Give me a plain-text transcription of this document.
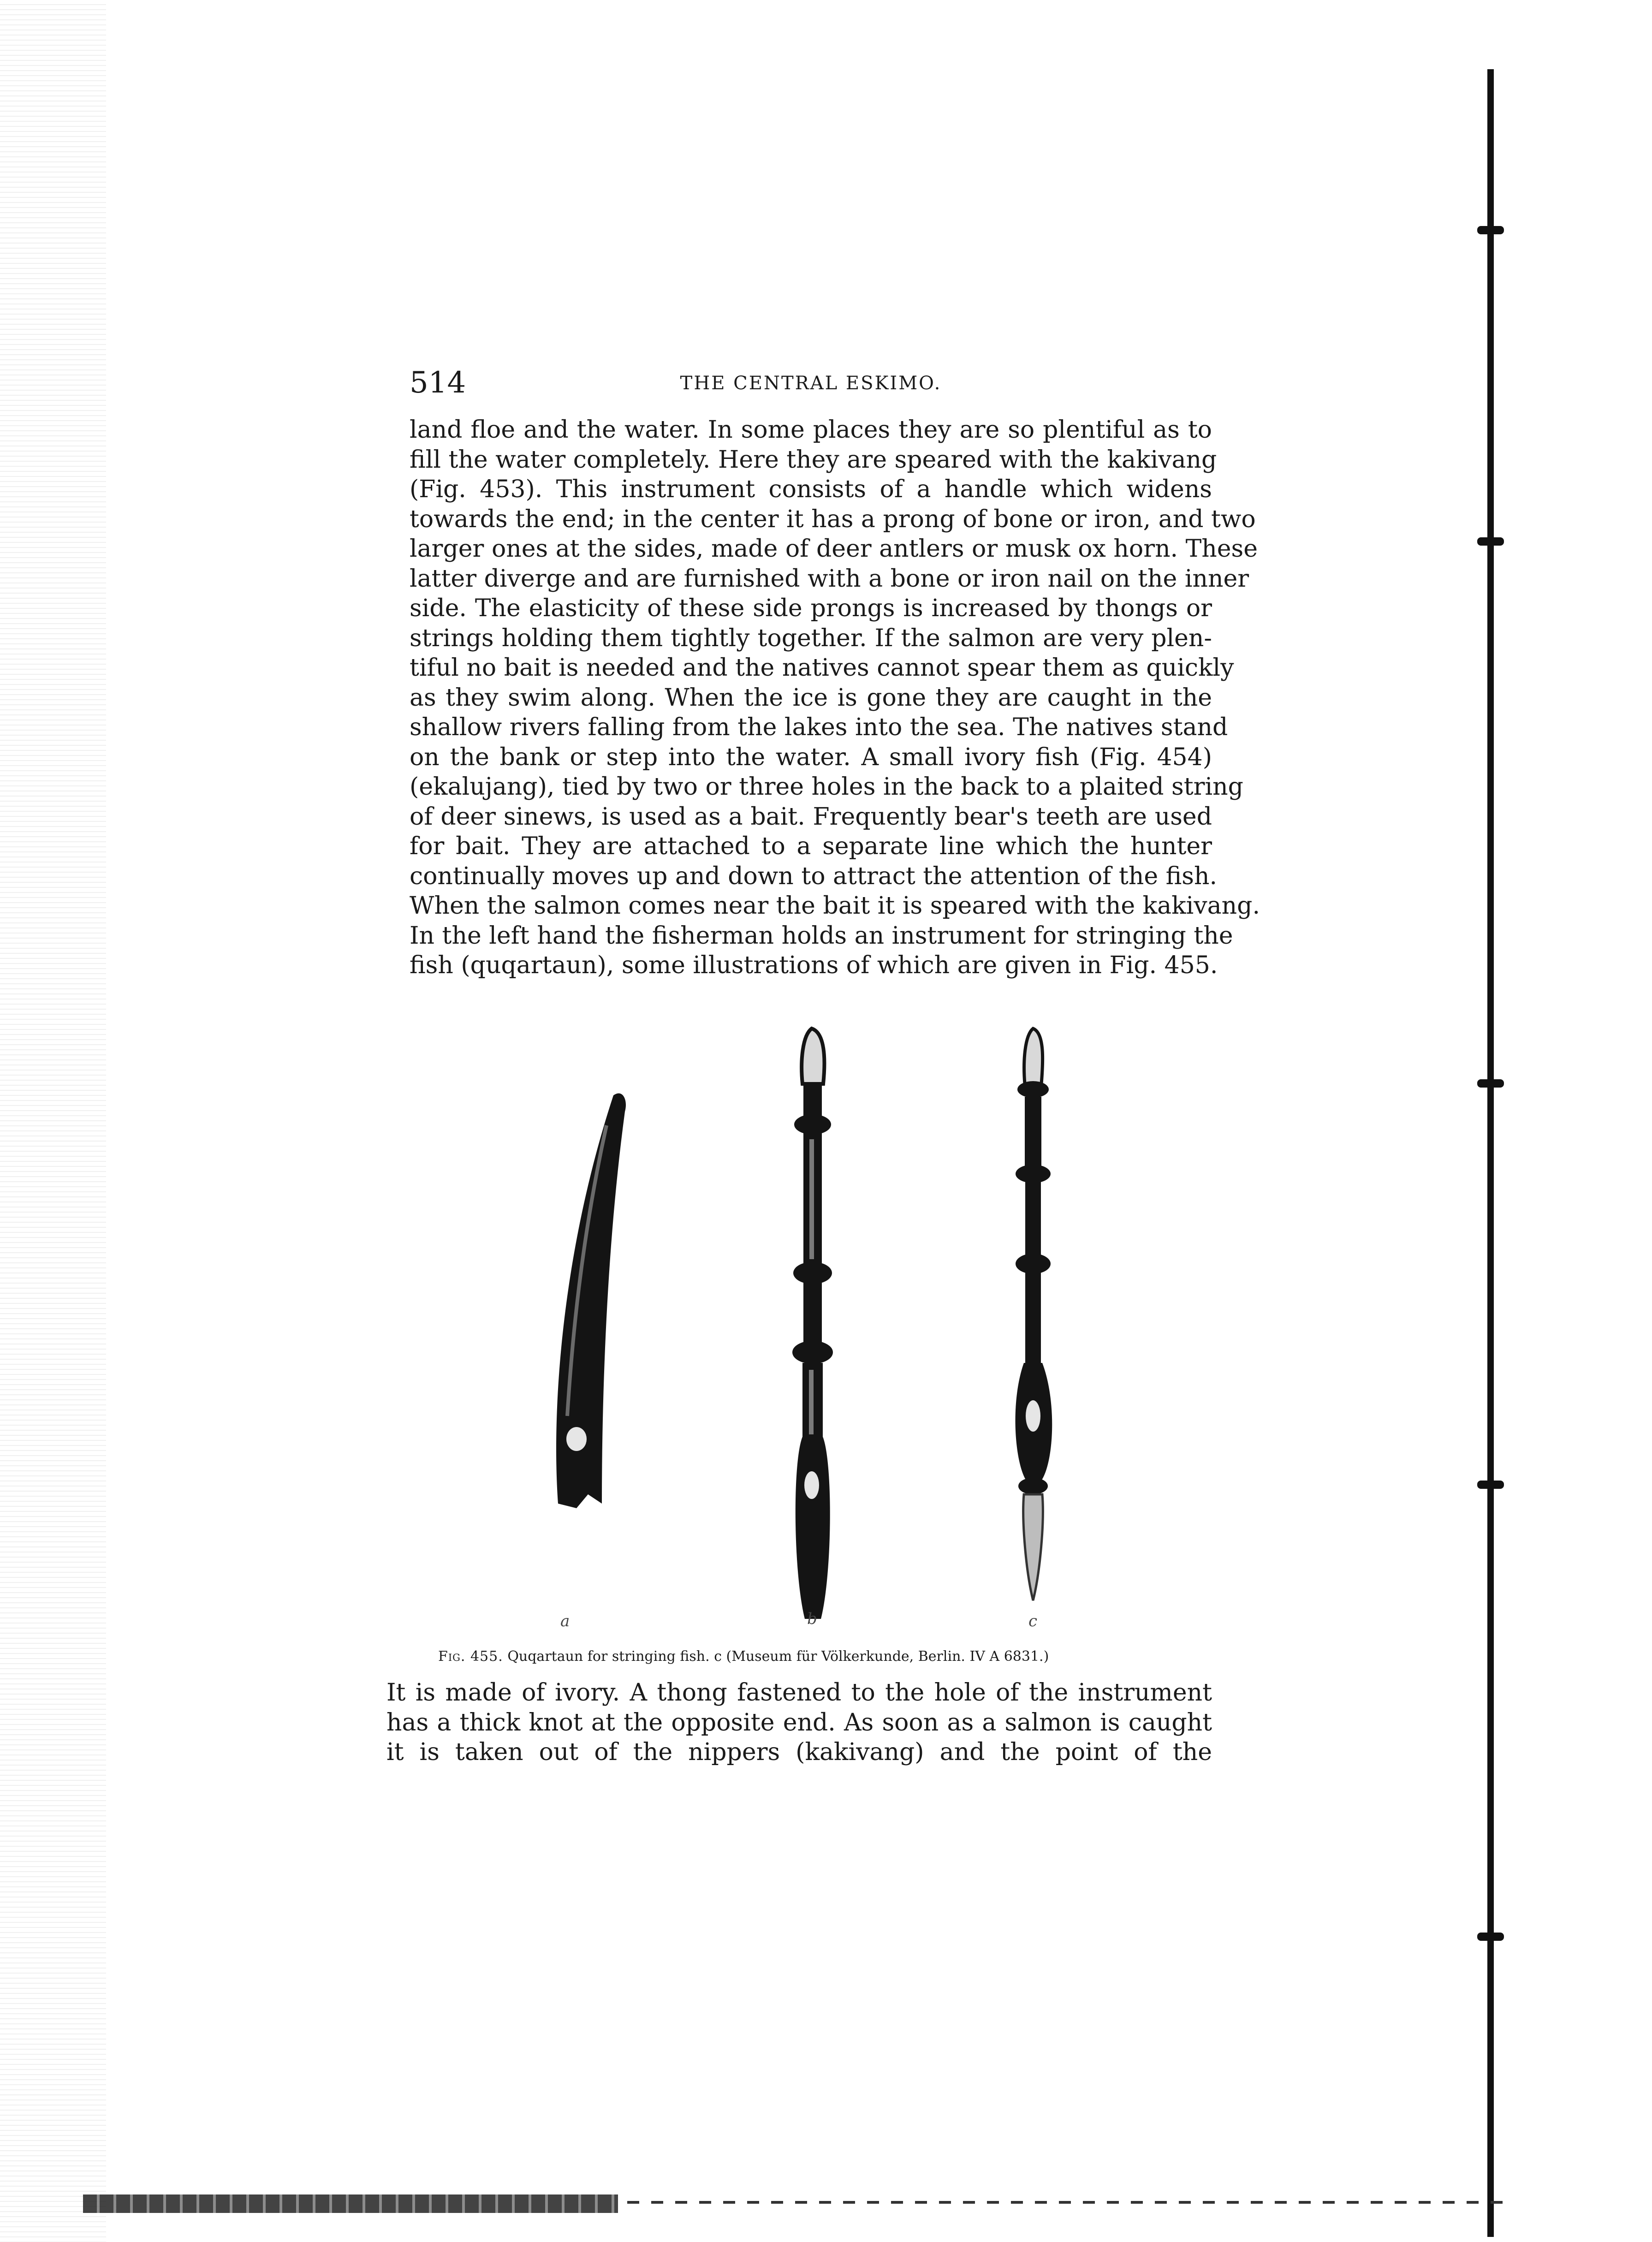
514	THE CENTRAL ESKIMO.
land floe and the water. In some places they are so plentiful as to
fill the water completely. Here they are speared with the kakivang
(Fig. 453). This instrument consists of a handle which widens
towards the end; in the center it has a prong of bone or iron, and two
larger ones at the sides, made of deer antlers or musk ox horn. These
latter diverge and are furnished with a bone or iron nail on the inner
side. The elasticity of these side prongs is increased by thongs or
strings holding them tightly together. If the salmon are very plen-
tiful no bait is needed and the natives cannot spear them as quickly
as they swim along. When the ice is gone they are caught in the
shallow rivers falling from the lakes into the sea. The natives stand
on the bank or step into the water. A small ivory fish (Fig. 454)
(ekalujang), tied by two or three holes in the back to a plaited string
of deer sinews, is used as a bait. Frequently bear's teeth are used
for bait. They are attached to a separate line which the hunter
continually moves up and down to attract the attention of the fish.
When the salmon comes near the bait it is speared with the kakivang.
In the left hand the fisherman holds an instrument for stringing the
fish (quqartaun), some illustrations of which are given in Fig. 455.
a	b	c
Fig. 455. Quqartaun for stringing fish. c (Museum für Völkerkunde, Berlin. IV A 6831.)
It is made of ivory. A thong fastened to the hole of the instrument
has a thick knot at the opposite end. As soon as a salmon is caught
it is taken out of the nippers (kakivang) and the point of the
